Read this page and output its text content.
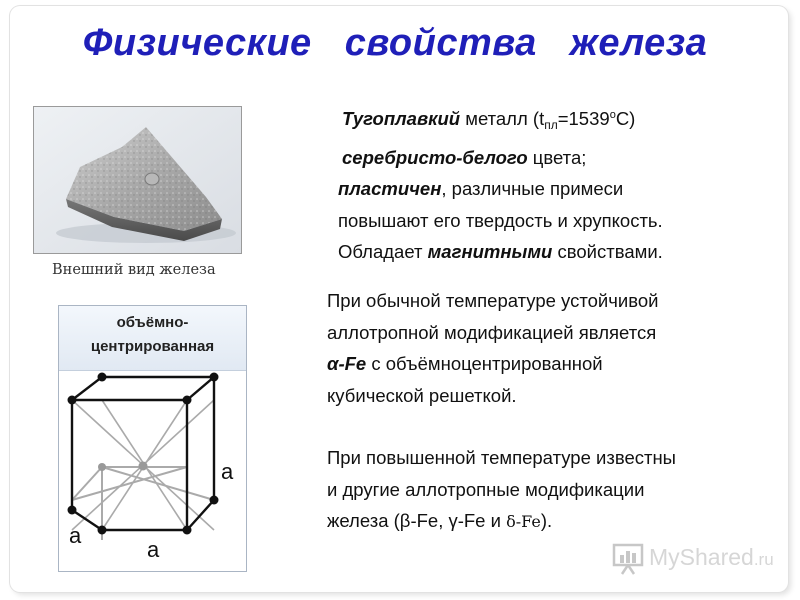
Физические свойства железа
Внешний вид железа
объёмно-
центрированная
a
a
a
Тугоплавкий металл $(t_{пл}=1539^oC)$
серебристо-белого цвета;
пластичен, различные примеси
повышают его твердость и хрупкость.
Обладает магнитными свойствами.
При обычной температуре устойчивой
аллотропной модификацией является
α-Fe с объёмноцентрированной
кубической решеткой.
При повышенной температуре известны
и другие аллотропные модификации
железа (β-Fe, γ-Fe и δ-Fe).
MyShared.ru
